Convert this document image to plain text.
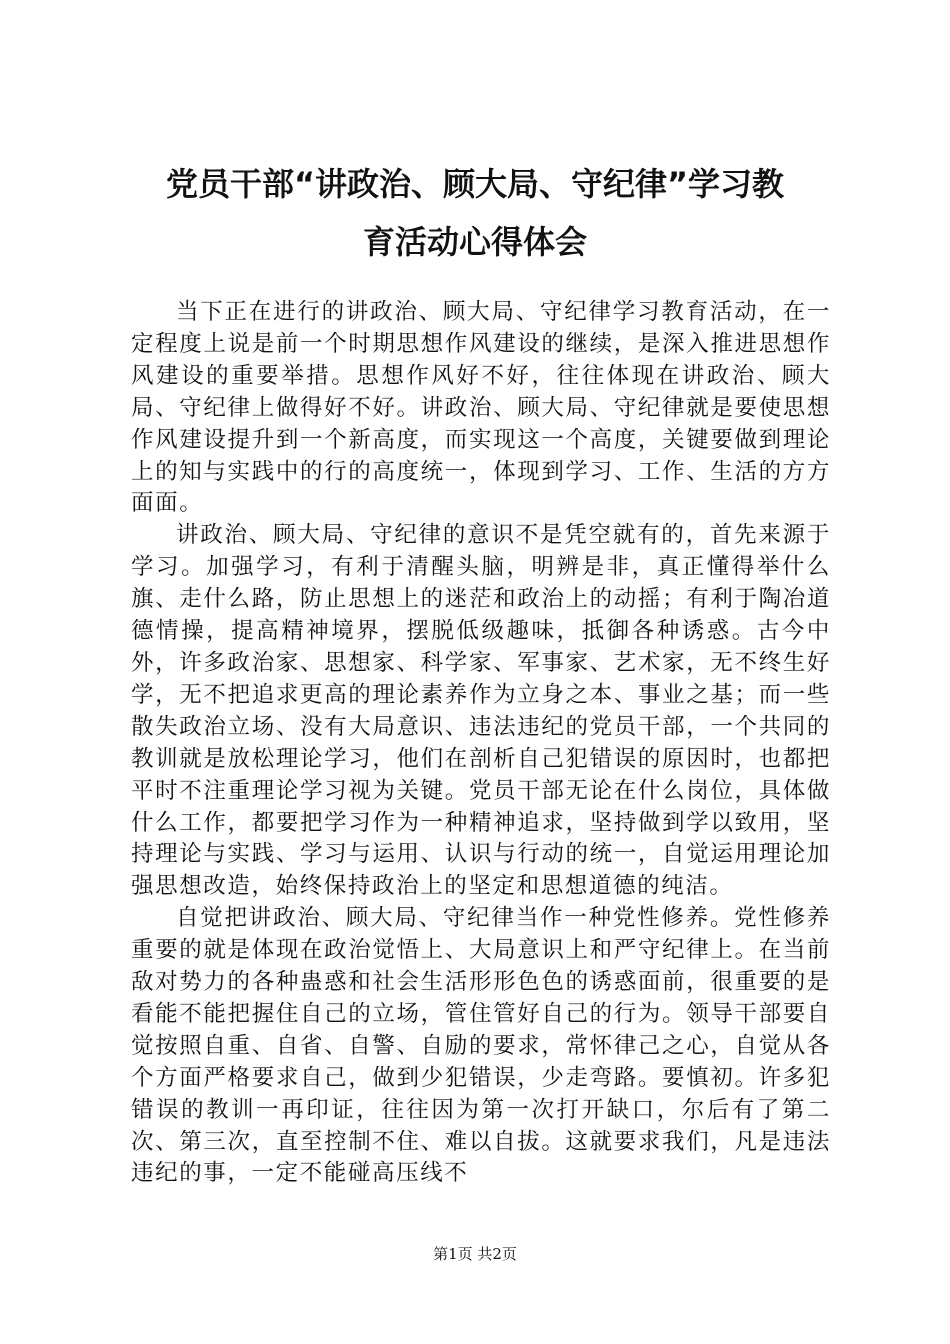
党员干部“讲政治、顾大局、守纪律”学习教
育活动心得体会

当下正在进行的讲政治、顾大局、守纪律学习教育活动，在一定程度上说是前一个时期思想作风建设的继续，是深入推进思想作风建设的重要举措。思想作风好不好，往往体现在讲政治、顾大局、守纪律上做得好不好。讲政治、顾大局、守纪律就是要使思想作风建设提升到一个新高度，而实现这一个高度，关键要做到理论上的知与实践中的行的高度统一，体现到学习、工作、生活的方方面面。

讲政治、顾大局、守纪律的意识不是凭空就有的，首先来源于学习。加强学习，有利于清醒头脑，明辨是非，真正懂得举什么旗、走什么路，防止思想上的迷茫和政治上的动摇；有利于陶冶道德情操，提高精神境界，摆脱低级趣味，抵御各种诱惑。古今中外，许多政治家、思想家、科学家、军事家、艺术家，无不终生好学，无不把追求更高的理论素养作为立身之本、事业之基；而一些散失政治立场、没有大局意识、违法违纪的党员干部，一个共同的教训就是放松理论学习，他们在剖析自己犯错误的原因时，也都把平时不注重理论学习视为关键。党员干部无论在什么岗位，具体做什么工作，都要把学习作为一种精神追求，坚持做到学以致用，坚持理论与实践、学习与运用、认识与行动的统一，自觉运用理论加强思想改造，始终保持政治上的坚定和思想道德的纯洁。

自觉把讲政治、顾大局、守纪律当作一种党性修养。党性修养重要的就是体现在政治觉悟上、大局意识上和严守纪律上。在当前敌对势力的各种蛊惑和社会生活形形色色的诱惑面前，很重要的是看能不能把握住自己的立场，管住管好自己的行为。领导干部要自觉按照自重、自省、自警、自励的要求，常怀律己之心，自觉从各个方面严格要求自己，做到少犯错误，少走弯路。要慎初。许多犯错误的教训一再印证，往往因为第一次打开缺口，尔后有了第二次、第三次，直至控制不住、难以自拔。这就要求我们，凡是违法违纪的事，一定不能碰高压线不

第1页 共2页
